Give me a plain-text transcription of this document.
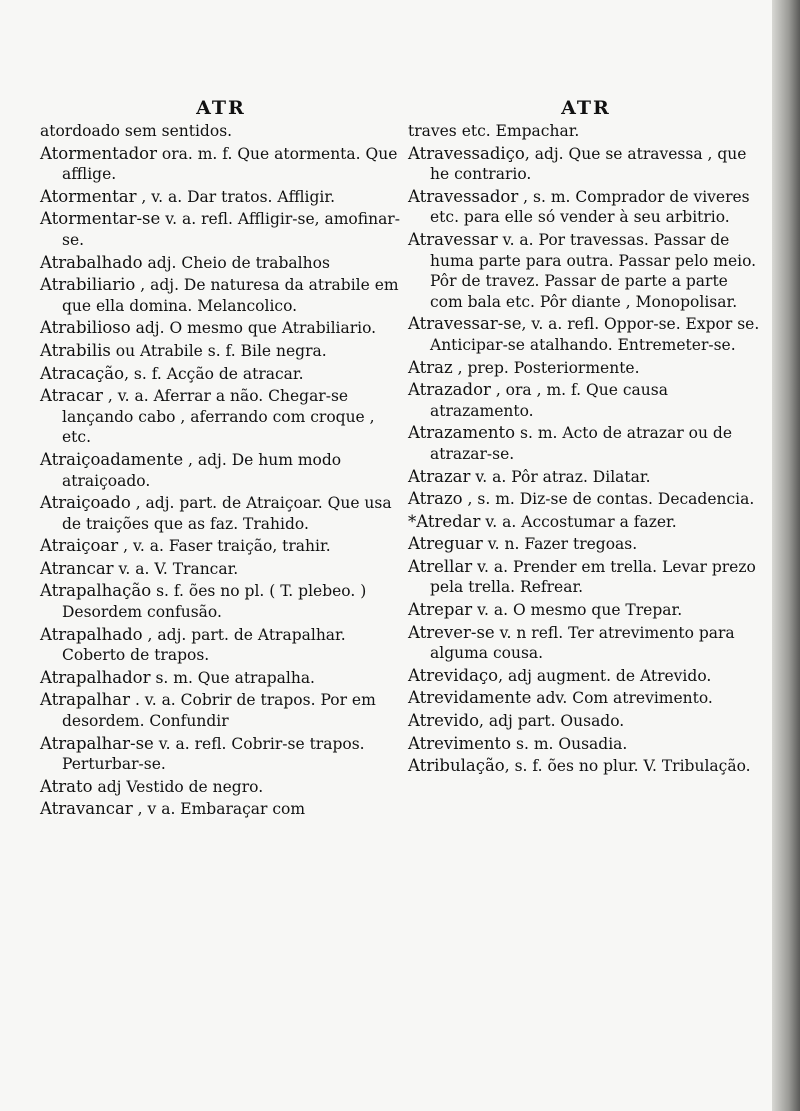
ATR
atordoado sem sentidos.
Atormentador ora. m. f. Que atormenta. Que afflige.
Atormentar , v. a. Dar tratos. Affligir.
Atormentar-se v. a. refl. Affligir-se, amofinar-se.
Atrabalhado adj. Cheio de trabalhos
Atrabiliario , adj. De naturesa da atrabile em que ella domina. Melancolico.
Atrabilioso adj. O mesmo que Atrabiliario.
Atrabilis ou Atrabile s. f. Bile negra.
Atracação, s. f. Acção de atracar.
Atracar , v. a. Aferrar a não. Chegar-se lançando cabo , aferrando com croque , etc.
Atraiçoadamente , adj. De hum modo atraiçoado.
Atraiçoado , adj. part. de Atraiçoar. Que usa de traições que as faz. Trahido.
Atraiçoar , v. a. Faser traição, trahir.
Atrancar v. a. V. Trancar.
Atrapalhação s. f. ões no pl. ( T. plebeo. ) Desordem confusão.
Atrapalhado , adj. part. de Atrapalhar. Coberto de trapos.
Atrapalhador s. m. Que atrapalha.
Atrapalhar . v. a. Cobrir de trapos. Por em desordem. Confundir
Atrapalhar-se v. a. refl. Cobrir-se trapos. Perturbar-se.
Atrato adj Vestido de negro.
Atravancar , v a. Embaraçar com
ATR
traves etc. Empachar.
Atravessadiço, adj. Que se atravessa , que he contrario.
Atravessador , s. m. Comprador de viveres etc. para elle só vender à seu arbitrio.
Atravessar v. a. Por travessas. Passar de huma parte para outra. Passar pelo meio. Pôr de travez. Passar de parte a parte com bala etc. Pôr diante , Monopolisar.
Atravessar-se, v. a. refl. Oppor-se. Expor se. Anticipar-se atalhando. Entremeter-se.
Atraz , prep. Posteriormente.
Atrazador , ora , m. f. Que causa atrazamento.
Atrazamento s. m. Acto de atrazar ou de atrazar-se.
Atrazar v. a. Pôr atraz. Dilatar.
Atrazo , s. m. Diz-se de contas. Decadencia.
*Atredar v. a. Accostumar a fazer.
Atreguar v. n. Fazer tregoas.
Atrellar v. a. Prender em trella. Levar prezo pela trella. Refrear.
Atrepar v. a. O mesmo que Trepar.
Atrever-se v. n refl. Ter atrevimento para alguma cousa.
Atrevidaço, adj augment. de Atrevido.
Atrevidamente adv. Com atrevimento.
Atrevido, adj part. Ousado.
Atrevimento s. m. Ousadia.
Atribulação, s. f. ões no plur. V. Tribulação.
